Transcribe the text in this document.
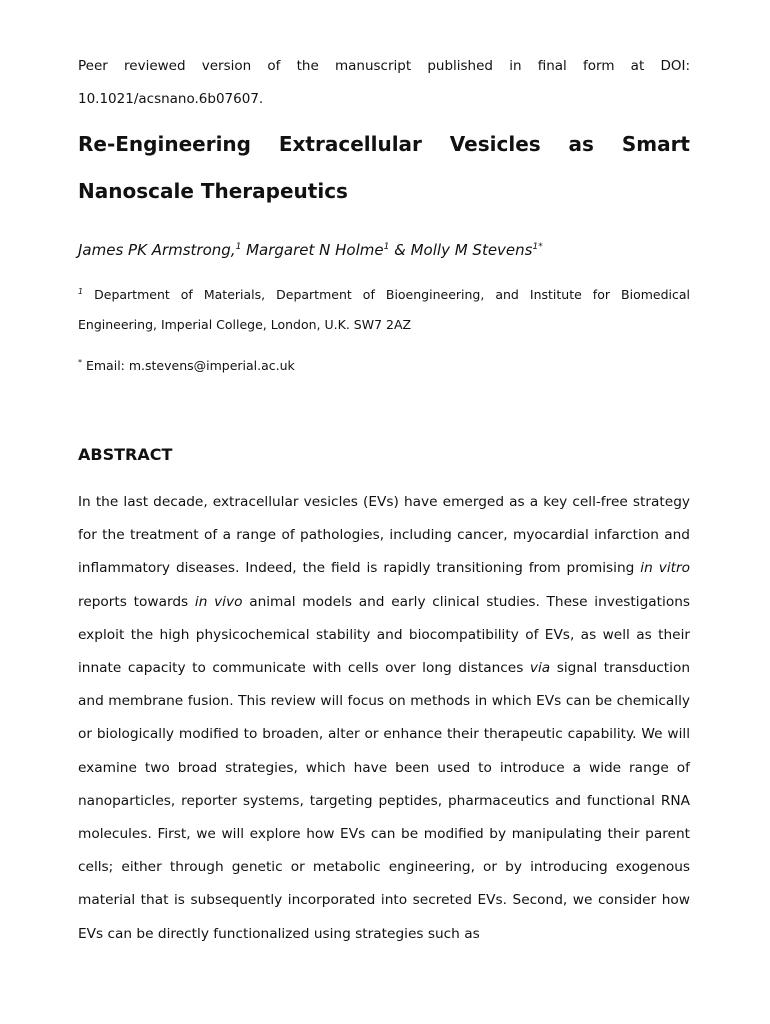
Peer reviewed version of the manuscript published in final form at DOI: 10.1021/acsnano.6b07607.
Re-Engineering Extracellular Vesicles as Smart Nanoscale Therapeutics
James PK Armstrong,$^1$ Margaret N Holme$^1$ & Molly M Stevens$^{1*}$
$^1$ Department of Materials, Department of Bioengineering, and Institute for Biomedical Engineering, Imperial College, London, U.K. SW7 2AZ
* Email: m.stevens@imperial.ac.uk
ABSTRACT

In the last decade, extracellular vesicles (EVs) have emerged as a key cell-free strategy for the treatment of a range of pathologies, including cancer, myocardial infarction and inflammatory diseases. Indeed, the field is rapidly transitioning from promising in vitro reports towards in vivo animal models and early clinical studies. These investigations exploit the high physicochemical stability and biocompatibility of EVs, as well as their innate capacity to communicate with cells over long distances via signal transduction and membrane fusion. This review will focus on methods in which EVs can be chemically or biologically modified to broaden, alter or enhance their therapeutic capability. We will examine two broad strategies, which have been used to introduce a wide range of nanoparticles, reporter systems, targeting peptides, pharmaceutics and functional RNA molecules. First, we will explore how EVs can be modified by manipulating their parent cells; either through genetic or metabolic engineering, or by introducing exogenous material that is subsequently incorporated into secreted EVs. Second, we consider how EVs can be directly functionalized using strategies such as
